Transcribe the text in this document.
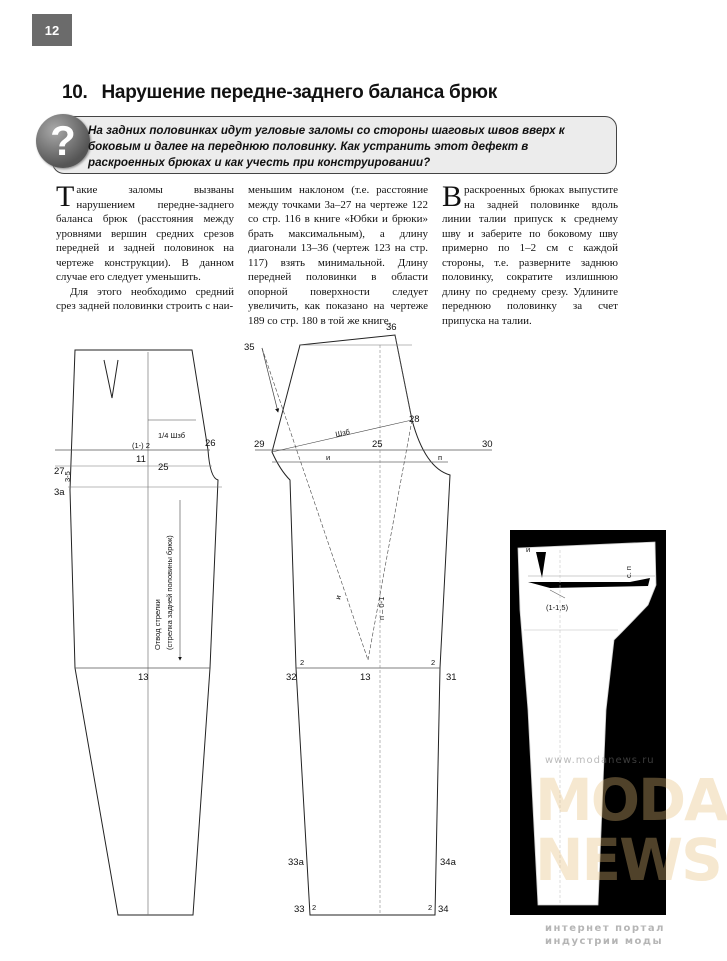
12
10. Нарушение передне-заднего баланса брюк
?	На задних половинках идут угловые заломы со стороны шаговых швов вверх к боковым и далее на переднюю половинку. Как устранить этот дефект в раскроенных брюках и как учесть при конструировании?

Такие заломы вызваны нарушением передне-заднего баланса брюк (расстояния между уровнями вершин средних срезов передней и задней половинок на чертеже конструкции). В данном случае его следует уменьшить.

Для этого необходимо средний срез задней половинки строить с наи-

меньшим наклоном (т.е. расстояние между точками 3а–27 на чертеже 122 со стр. 116 в книге «Юбки и брюки» брать максимальным), а длину диагонали 13–36 (чертеж 123 на стр. 117) взять минимальной. Длину передней половинки в области опорной поверхности следует увеличить, как показано на чертеже 189 со стр. 180 в той же книге.

Враскроенных брюках выпустите на задней половинке вдоль линии талии припуск к среднему шву и заберите по боковому шву примерно по 1–2 см с каждой стороны, т.е. разверните заднюю половинку, сократите излишнюю длину по среднему срезу. Удлините переднюю половинку за счет припуска на талии.

27
3а
3-5
11
25
26
1/4 Шзб
(1-) 2
13
Отвод стрелки (стрелка задней половины брюк)
35
36
28
29	25	30
Шзб
и	п
32	13	31
2	2
33а	34а
33	34
2	2
и	п – 0-1
и
с. п
(1-1,5)
www.modanews.ru
MODA
NEWS
интернет портал
индустрии моды
